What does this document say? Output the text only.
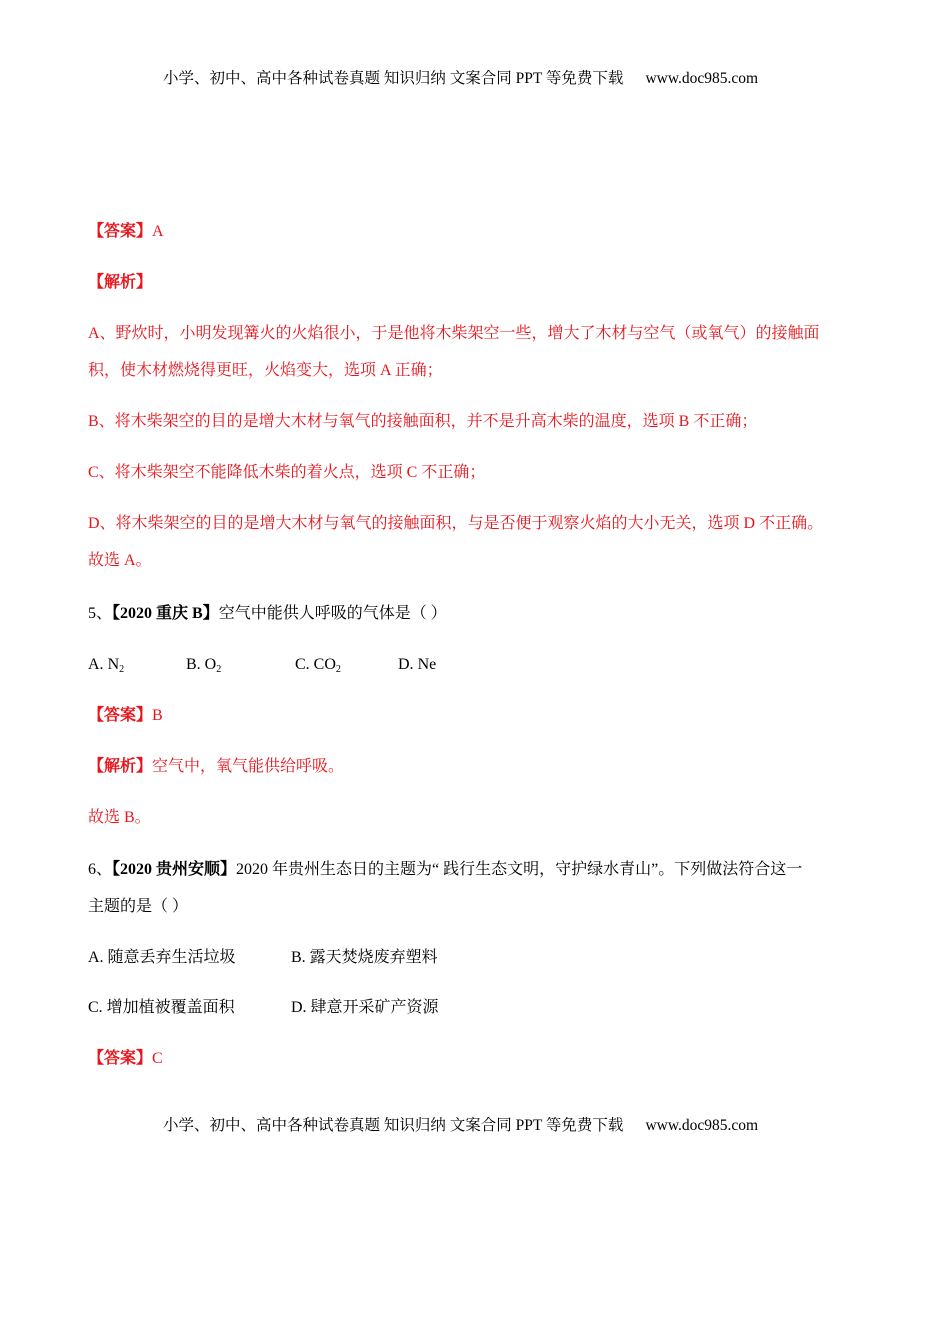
小学、初中、高中各种试卷真题 知识归纳 文案合同 PPT 等免费下载 www.doc985.com
【答案】A
【解析】
A、野炊时，小明发现篝火的火焰很小，于是他将木柴架空一些，增大了木材与空气（或氧气）的接触面
积，使木材燃烧得更旺，火焰变大，选项 A 正确；
B、将木柴架空的目的是增大木材与氧气的接触面积，并不是升高木柴的温度，选项 B 不正确；
C、将木柴架空不能降低木柴的着火点，选项 C 不正确；
D、将木柴架空的目的是增大木材与氧气的接触面积，与是否便于观察火焰的大小无关，选项 D 不正确。
故选 A。
5、【2020 重庆 B】空气中能供人呼吸的气体是（ ）
A. $N_2$	B. $O_2$	C. $CO_2$	D. Ne
【答案】B
【解析】空气中，氧气能供给呼吸。
故选 B。
6、【2020 贵州安顺】2020 年贵州生态日的主题为“ 践行生态文明，守护绿水青山”。下列做法符合这一
主题的是（ ）
A. 随意丢弃生活垃圾	B. 露天焚烧废弃塑料
C. 增加植被覆盖面积	D. 肆意开采矿产资源
【答案】C
小学、初中、高中各种试卷真题 知识归纳 文案合同 PPT 等免费下载 www.doc985.com
